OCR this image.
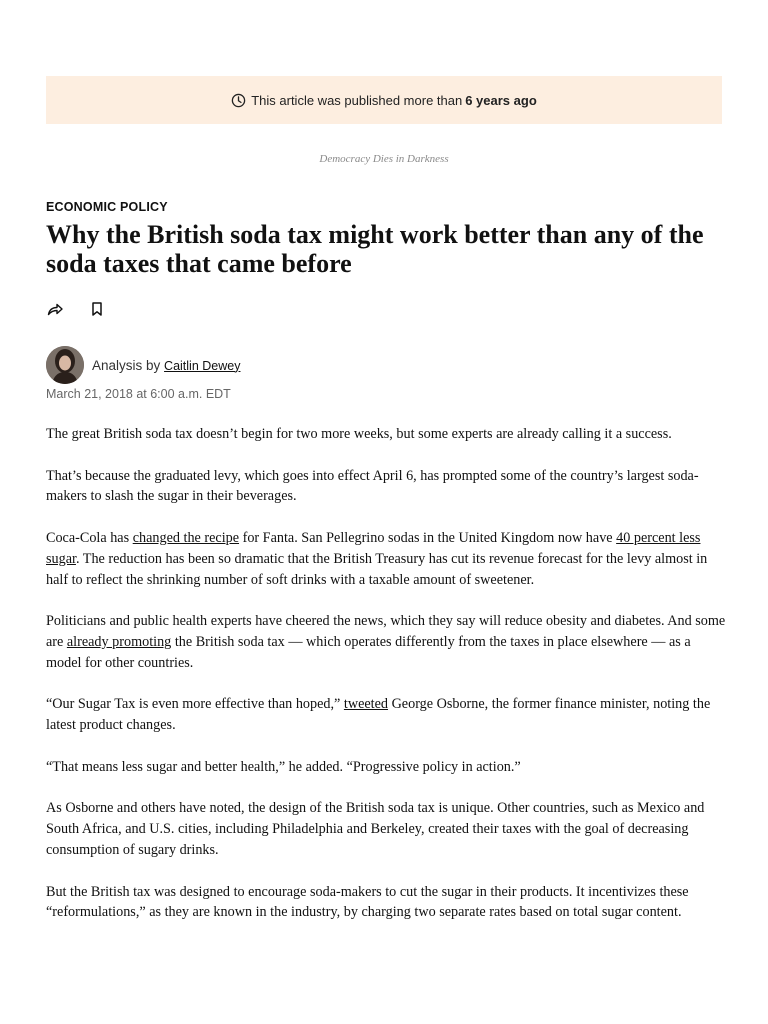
This article was published more than 6 years ago
Democracy Dies in Darkness
ECONOMIC POLICY
Why the British soda tax might work better than any of the soda taxes that came before
Analysis by Caitlin Dewey
March 21, 2018 at 6:00 a.m. EDT

The great British soda tax doesn’t begin for two more weeks, but some experts are already calling it a success.

That’s because the graduated levy, which goes into effect April 6, has prompted some of the country’s largest soda-makers to slash the sugar in their beverages.

Coca-Cola has changed the recipe for Fanta. San Pellegrino sodas in the United Kingdom now have 40 percent less sugar. The reduction has been so dramatic that the British Treasury has cut its revenue forecast for the levy almost in half to reflect the shrinking number of soft drinks with a taxable amount of sweetener.

Politicians and public health experts have cheered the news, which they say will reduce obesity and diabetes. And some are already promoting the British soda tax — which operates differently from the taxes in place elsewhere — as a model for other countries.

“Our Sugar Tax is even more effective than hoped,” tweeted George Osborne, the former finance minister, noting the latest product changes.

“That means less sugar and better health,” he added. “Progressive policy in action.”

As Osborne and others have noted, the design of the British soda tax is unique. Other countries, such as Mexico and South Africa, and U.S. cities, including Philadelphia and Berkeley, created their taxes with the goal of decreasing consumption of sugary drinks.

But the British tax was designed to encourage soda-makers to cut the sugar in their products. It incentivizes these “reformulations,” as they are known in the industry, by charging two separate rates based on total sugar content.
